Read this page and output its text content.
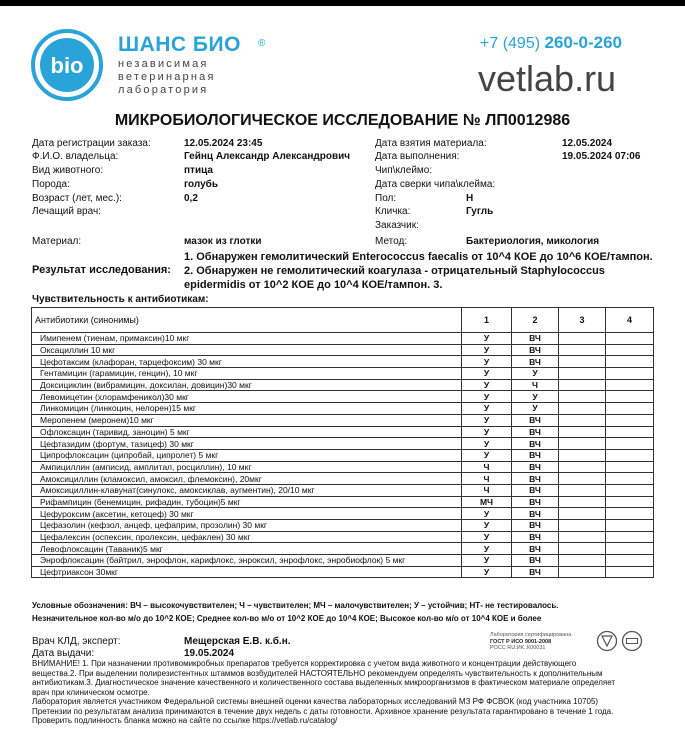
bio
ШАНС БИО ®
независимая
ветеринарная
лаборатория
+7 (495) 260-0-260
vetlab.ru
МИКРОБИОЛОГИЧЕСКОЕ ИССЛЕДОВАНИЕ № ЛП0012986
Дата регистрации заказа:	12.05.2024 23:45
Ф.И.О. владельца:	Гейнц Александр Александрович
Вид животного:	птица
Порода:	голубь
Возраст (лет, мес.):	0,2
Лечащий врач:
Дата взятия материала:	12.05.2024
Дата выполнения:	19.05.2024 07:06
Чип\клеймо:
Дата сверки чипа\клейма:
Пол:	Н
Кличка:	Гугль
Заказчик:
Материал:	мазок из глотки	Метод:	Бактериология, микология
Результат исследования:
1. Обнаружен гемолитический Enterococcus faecalis от 10^4 КОЕ до 10^6 КОЕ/тампон. 2. Обнаружен не гемолитический коагулаза - отрицательный Staphylococcus epidermidis от 10^2 КОЕ до 10^4 КОЕ/тампон. 3.
Чувствительность к антибиотикам:
Антибиотики (синонимы)	1	2	3	4
Имипенем (тиенам, примаксин)10 мкг	У	ВЧ		
Оксациллин 10 мкг	У	ВЧ		
Цефотаксим (клафоран, тарцефоксим) 30 мкг	У	ВЧ		
Гентамицин (гарамицин, генцин), 10 мкг	У	У		
Доксициклин (вибрамицин, доксилан, довицин)30 мкг	У	Ч		
Левомицетин (хлорамфеникол)30 мкг	У	У		
Линкомицин (линкоцин, нелорен)15 мкг	У	У		
Меропенем (меронем)10 мкг	У	ВЧ		
Офлоксацин (таривид, заноцин) 5 мкг	У	ВЧ		
Цефтазидим (фортум, тазицеф) 30 мкг	У	ВЧ		
Ципрофлоксацин (ципробай, ципролет) 5 мкг	У	ВЧ		
Ампициллин (амписид, амплитал, росциллин), 10 мкг	Ч	ВЧ		
Амоксициллин (кламоксил, амоксил, флемоксин), 20мкг	Ч	ВЧ		
Амоксициллин-клавунат(синулокс, амоксиклав, аугментин), 20/10 мкг	Ч	ВЧ		
Рифампицин (бенемицин, рифадин, тубоцин)5 мкг	МЧ	ВЧ		
Цефуроксим (аксетин, кетоцеф) 30 мкг	У	ВЧ		
Цефазолин (кефзол, анцеф, цефаприм, прозолин) 30 мкг	У	ВЧ		
Цефалексин (оспексин, пролексин, цефаклен) 30 мкг	У	ВЧ		
Левофлоксацин (Таваник)5 мкг	У	ВЧ		
Энрофлоксацин (байтрил, энрофлон, карифлокс, энроксил, энрофлокс, энробиофлок) 5 мкг	У	ВЧ		
Цефтриаксон 30мкг	У	ВЧ		
Условные обозначения: ВЧ – высокочувствителен; Ч – чувствителен; МЧ – малочувствителен; У – устойчив; НТ- не тестировалось.
Незначительное кол-во м/о до 10^2 КОЕ; Среднее кол-во м/о от 10^2 КОЕ до 10^4 КОЕ; Высокое кол-во м/о от 10^4 КОЕ и более
Врач КЛД, эксперт:	Мещерская Е.В. к.б.н.
Дата выдачи:	19.05.2024
Лаборатория сертифицирована
ГОСТ Р ИСО 9001-2008
РОСС RU.ИК..К00031
ВНИМАНИЕ! 1. При назначении противомикробных препаратов требуется корректировка с учетом вида животного и концентрации действующего
вещества.2. При выделении полирезистентных штаммов возбудителей НАСТОЯТЕЛЬНО рекомендуем определять чувствительность к дополнительным
антибиотикам.3. Диагностическое значение качественного и количественного состава выделенных микроорганизмов в фактическом материале определяет
врач при клиническом осмотре.
Лаборатория является участником Федеральной системы внешней оценки качества лабораторных исследований МЗ РФ ФСВОК (код участника 10705)
Претензии по результатам анализа принимаются в течение двух недель с даты готовности. Архивное хранение результата гарантировано в течение 1 года.
Проверить подлинность бланка можно на сайте по ссылке https://vetlab.ru/catalog/
